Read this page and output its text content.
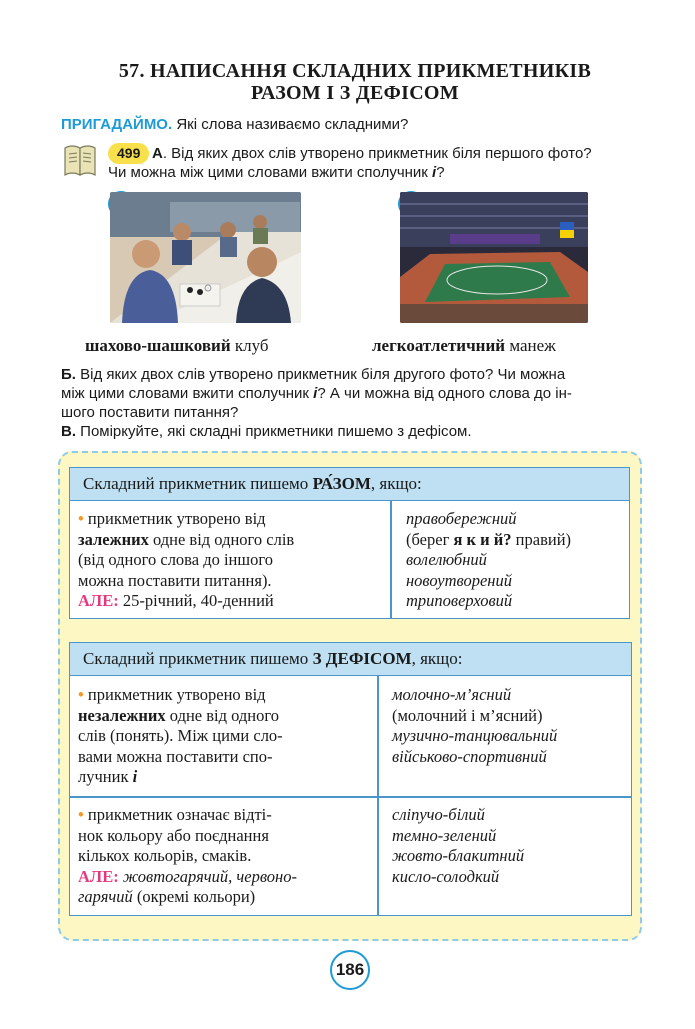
57. НАПИСАННЯ СКЛАДНИХ ПРИКМЕТНИКІВ
РАЗОМ І З ДЕФІСОМ
ПРИГАДАЙМО. Які слова називаємо складними?
499 А. Від яких двох слів утворено прикметник біля першого фото?
Чи можна між цими словами вжити сполучник і?
шахово-шашковий клуб	легкоатлетичний манеж
Б. Від яких двох слів утворено прикметник біля другого фото? Чи можна
між цими словами вжити сполучник і? А чи можна від одного слова до ін-
шого поставити питання?
В. Поміркуйте, які складні прикметники пишемо з дефісом.
Складний прикметник пишемо РА́ЗОМ, якщо:
• прикметник утворено від
залежних одне від одного слів
(від одного слова до іншого
можна поставити питання).
АЛЕ: 25-річний, 40-денний
правобережний
(берег я к и й? правий)
волелюбний
новоутворений
триповерховий
Складний прикметник пишемо З ДЕФІСОМ, якщо:
• прикметник утворено від
незалежних одне від одного
слів (понять). Між цими сло-
вами можна поставити спо-
лучник і
молочно-м’ясний
(молочний і м’ясний)
музично-танцювальний
військово-спортивний
• прикметник означає відті-
нок кольору або поєднання
кількох кольорів, смаків.
АЛЕ: жовтогарячий, червоно-
гарячий (окремі кольори)
сліпучо-білий
темно-зелений
жовто-блакитний
кисло-солодкий
186
